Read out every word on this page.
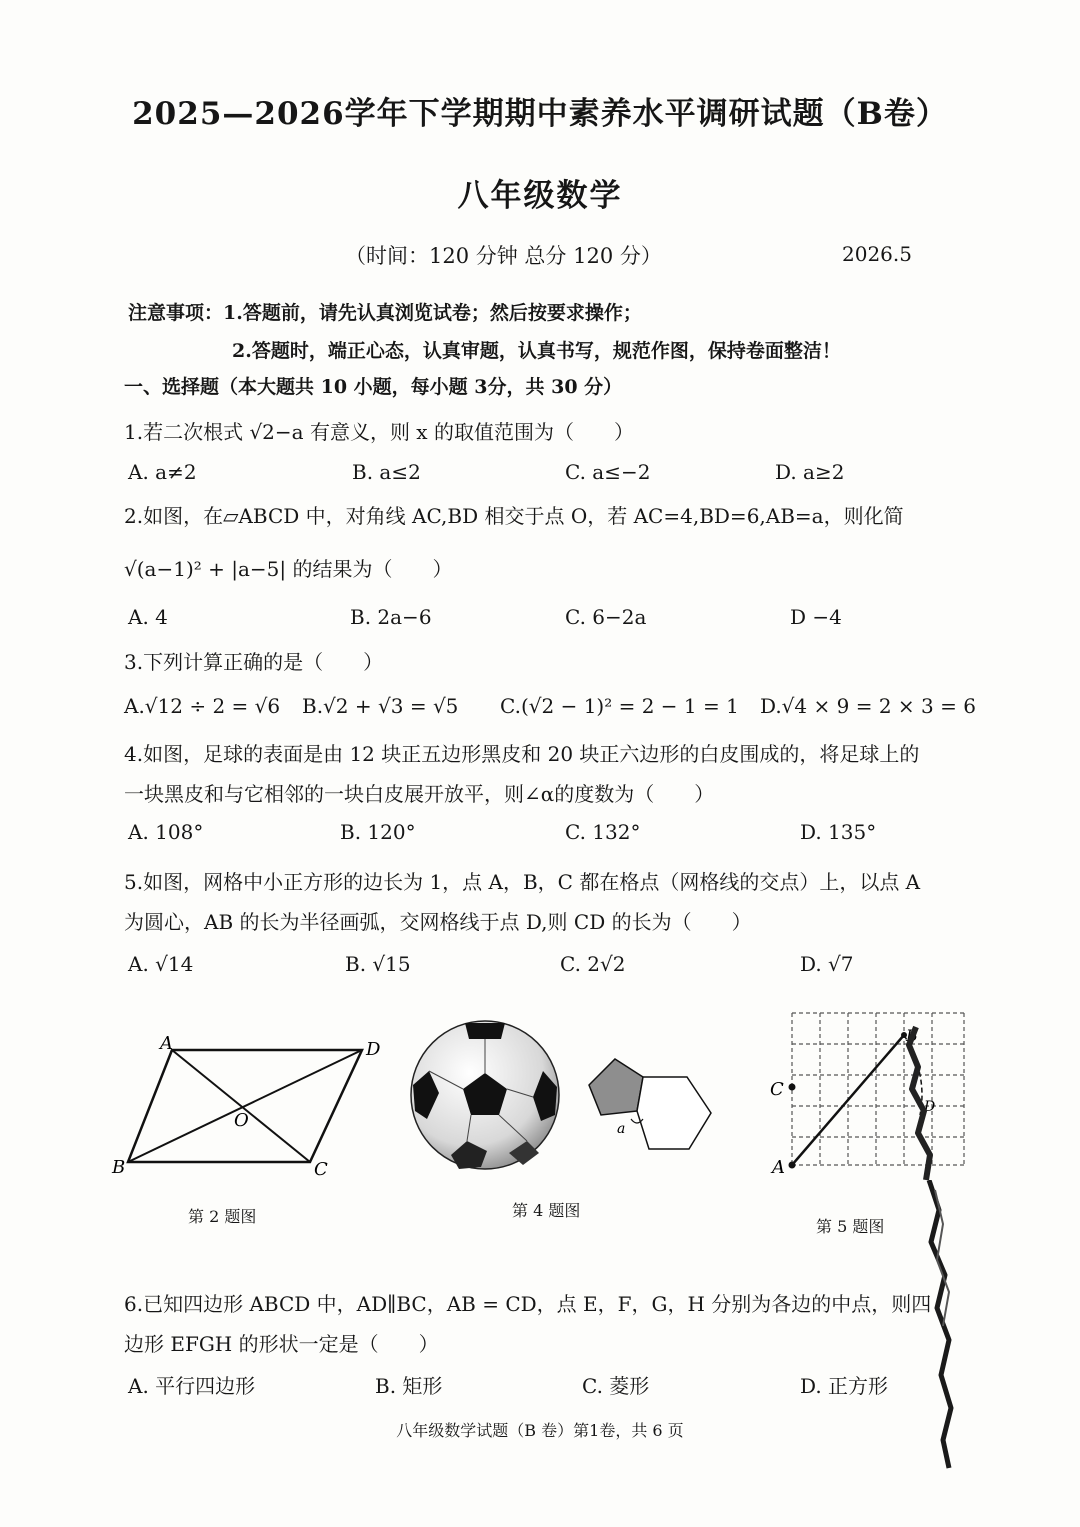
2025—2026学年下学期期中素养水平调研试题（B卷）
八年级数学
（时间：120 分钟 总分 120 分）	2026.5
注意事项：1.答题前，请先认真浏览试卷；然后按要求操作；
2.答题时，端正心态，认真审题，认真书写，规范作图，保持卷面整洁！
一、选择题（本大题共 10 小题，每小题 3分，共 30 分）
1.若二次根式 √2−a 有意义，则 x 的取值范围为（　　）
A. a≠2	B. a≤2	C. a≤−2	D. a≥2
2.如图，在▱ABCD 中，对角线 AC,BD 相交于点 O，若 AC=4,BD=6,AB=a，则化简
√(a−1)² + |a−5| 的结果为（　　）
A. 4	B. 2a−6	C. 6−2a	D −4
3.下列计算正确的是（　　）
A.√12 ÷ 2 = √6 B.√2 + √3 = √5 C.(√2 − 1)² = 2 − 1 = 1 D.√4 × 9 = 2 × 3 = 6
4.如图，足球的表面是由 12 块正五边形黑皮和 20 块正六边形的白皮围成的，将足球上的
一块黑皮和与它相邻的一块白皮展开放平，则∠α的度数为（　　）
A. 108°	B. 120°	C. 132°	D. 135°
5.如图，网格中小正方形的边长为 1，点 A，B，C 都在格点（网格线的交点）上，以点 A
为圆心，AB 的长为半径画弧，交网格线于点 D,则 CD 的长为（　　）
A. √14	B. √15	C. 2√2	D. √7
A	D
B	C
O
第 2 题图
a
第 4 题图
A
C
B
D
第 5 题图
6.已知四边形 ABCD 中，AD∥BC，AB = CD，点 E，F，G，H 分别为各边的中点，则四
边形 EFGH 的形状一定是（　　）
A. 平行四边形	B. 矩形	C. 菱形	D. 正方形
八年级数学试题（B 卷）第1卷，共 6 页
